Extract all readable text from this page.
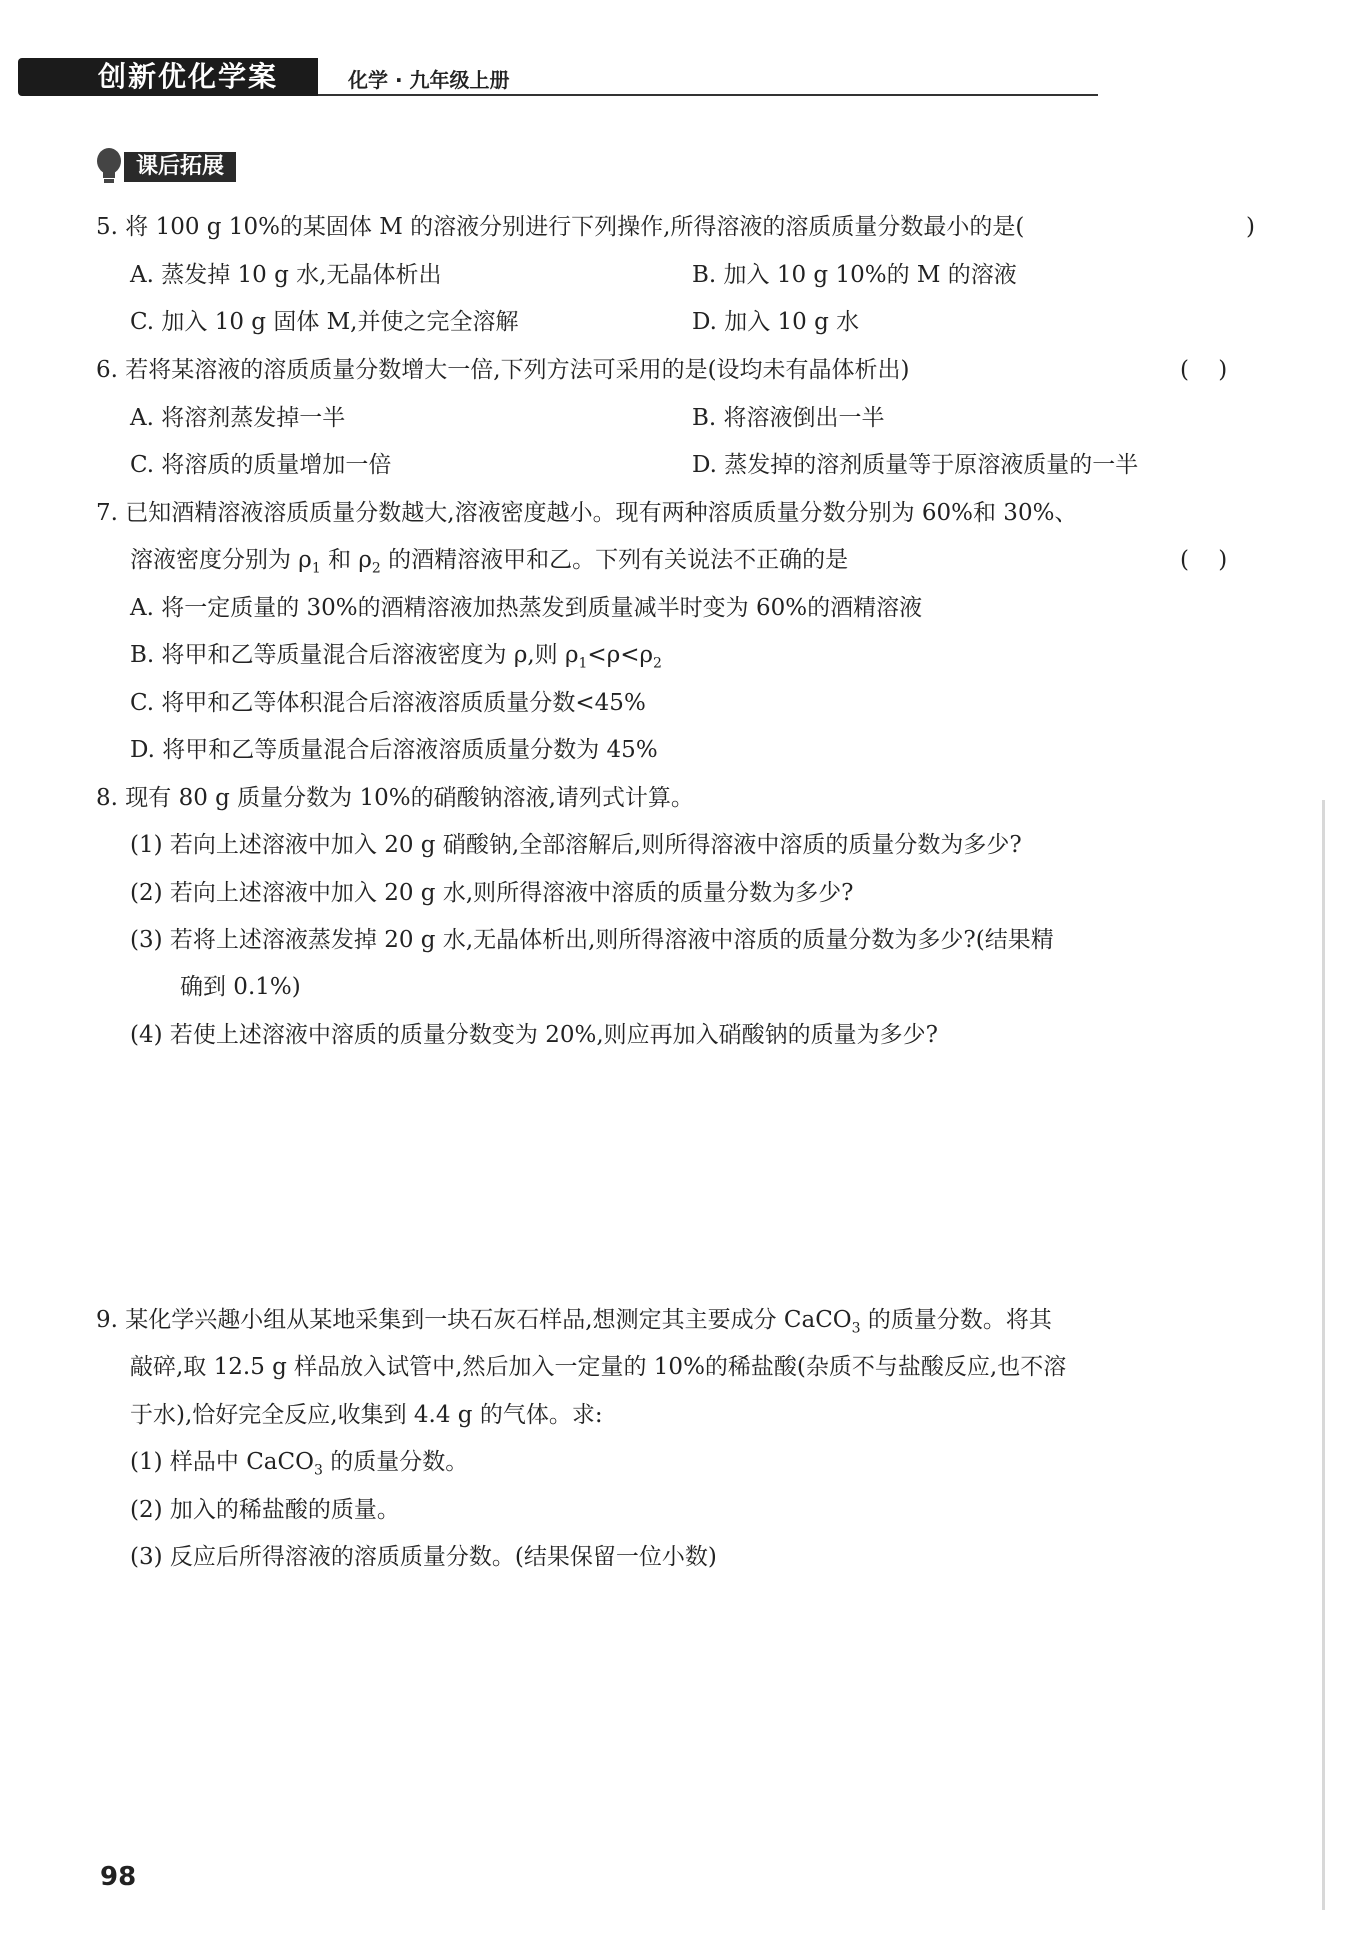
创新优化学案	化学 · 九年级上册
课后拓展
5. 将 100 g 10%的某固体 M 的溶液分别进行下列操作,所得溶液的溶质质量分数最小的是(	)
A. 蒸发掉 10 g 水,无晶体析出	B. 加入 10 g 10%的 M 的溶液
C. 加入 10 g 固体 M,并使之完全溶解	D. 加入 10 g 水
6. 若将某溶液的溶质质量分数增大一倍,下列方法可采用的是(设均未有晶体析出)	(    )
A. 将溶剂蒸发掉一半	B. 将溶液倒出一半
C. 将溶质的质量增加一倍	D. 蒸发掉的溶剂质量等于原溶液质量的一半
7. 已知酒精溶液溶质质量分数越大,溶液密度越小。现有两种溶质质量分数分别为 60%和 30%、
溶液密度分别为 $\rho_1$ 和 $\rho_2$ 的酒精溶液甲和乙。下列有关说法不正确的是	(    )
A. 将一定质量的 30%的酒精溶液加热蒸发到质量减半时变为 60%的酒精溶液
B. 将甲和乙等质量混合后溶液密度为 ρ,则 $\rho_1<\rho<\rho_2$
C. 将甲和乙等体积混合后溶液溶质质量分数<45%
D. 将甲和乙等质量混合后溶液溶质质量分数为 45%
8. 现有 80 g 质量分数为 10%的硝酸钠溶液,请列式计算。
(1) 若向上述溶液中加入 20 g 硝酸钠,全部溶解后,则所得溶液中溶质的质量分数为多少?
(2) 若向上述溶液中加入 20 g 水,则所得溶液中溶质的质量分数为多少?
(3) 若将上述溶液蒸发掉 20 g 水,无晶体析出,则所得溶液中溶质的质量分数为多少?(结果精
确到 0.1%)
(4) 若使上述溶液中溶质的质量分数变为 20%,则应再加入硝酸钠的质量为多少?
9. 某化学兴趣小组从某地采集到一块石灰石样品,想测定其主要成分 CaCO$_3$ 的质量分数。将其
敲碎,取 12.5 g 样品放入试管中,然后加入一定量的 10%的稀盐酸(杂质不与盐酸反应,也不溶
于水),恰好完全反应,收集到 4.4 g 的气体。求:
(1) 样品中 CaCO$_3$ 的质量分数。
(2) 加入的稀盐酸的质量。
(3) 反应后所得溶液的溶质质量分数。(结果保留一位小数)
98
